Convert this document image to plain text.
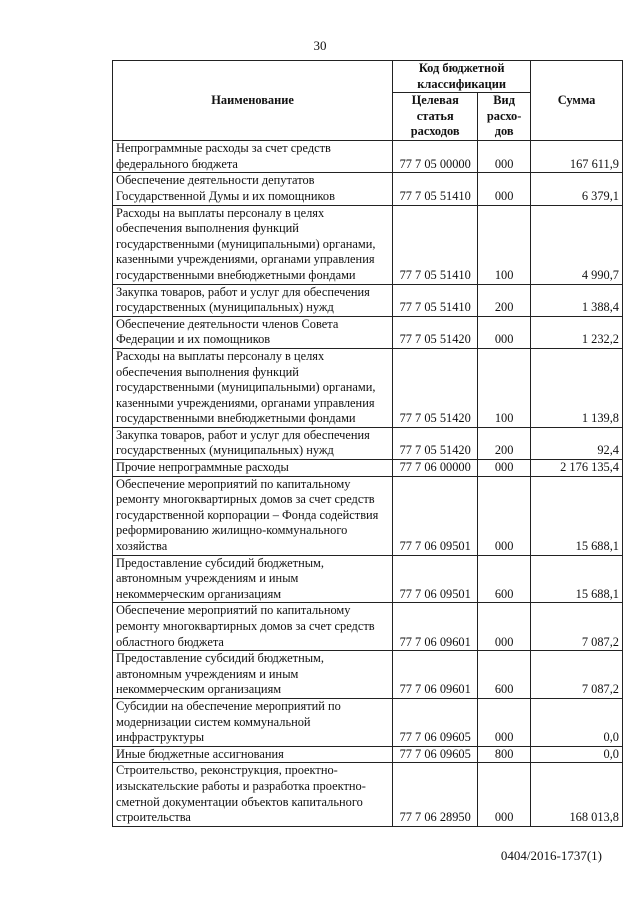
30
Наименование	Код бюджетной классификации		Сумма
	Целевая статья расходов	Вид расхо-дов	
Непрограммные расходы за счет средств федерального бюджета	77 7 05 00000	000	167 611,9
Обеспечение деятельности депутатов Государственной Думы и их помощников	77 7 05 51410	000	6 379,1
Расходы на выплаты персоналу в целях обеспечения выполнения функций государственными (муниципальными) органами, казенными учреждениями, органами управления государственными внебюджетными фондами	77 7 05 51410	100	4 990,7
Закупка товаров, работ и услуг для обеспечения государственных (муниципальных) нужд	77 7 05 51410	200	1 388,4
Обеспечение деятельности членов Совета Федерации и их помощников	77 7 05 51420	000	1 232,2
Расходы на выплаты персоналу в целях обеспечения выполнения функций государственными (муниципальными) органами, казенными учреждениями, органами управления государственными внебюджетными фондами	77 7 05 51420	100	1 139,8
Закупка товаров, работ и услуг для обеспечения государственных (муниципальных) нужд	77 7 05 51420	200	92,4
Прочие непрограммные расходы	77 7 06 00000	000	2 176 135,4
Обеспечение мероприятий по капитальному ремонту многоквартирных домов за счет средств государственной корпорации – Фонда содействия реформированию жилищно-коммунального хозяйства	77 7 06 09501	000	15 688,1
Предоставление субсидий бюджетным, автономным учреждениям и иным некоммерческим организациям	77 7 06 09501	600	15 688,1
Обеспечение мероприятий по капитальному ремонту многоквартирных домов за счет средств областного бюджета	77 7 06 09601	000	7 087,2
Предоставление субсидий бюджетным, автономным учреждениям и иным некоммерческим организациям	77 7 06 09601	600	7 087,2
Субсидии на обеспечение мероприятий по модернизации систем коммунальной инфраструктуры	77 7 06 09605	000	0,0
Иные бюджетные ассигнования	77 7 06 09605	800	0,0
Строительство, реконструкция, проектно-изыскательские работы и разработка проектно-сметной документации объектов капитального строительства	77 7 06 28950	000	168 013,8
0404/2016-1737(1)
